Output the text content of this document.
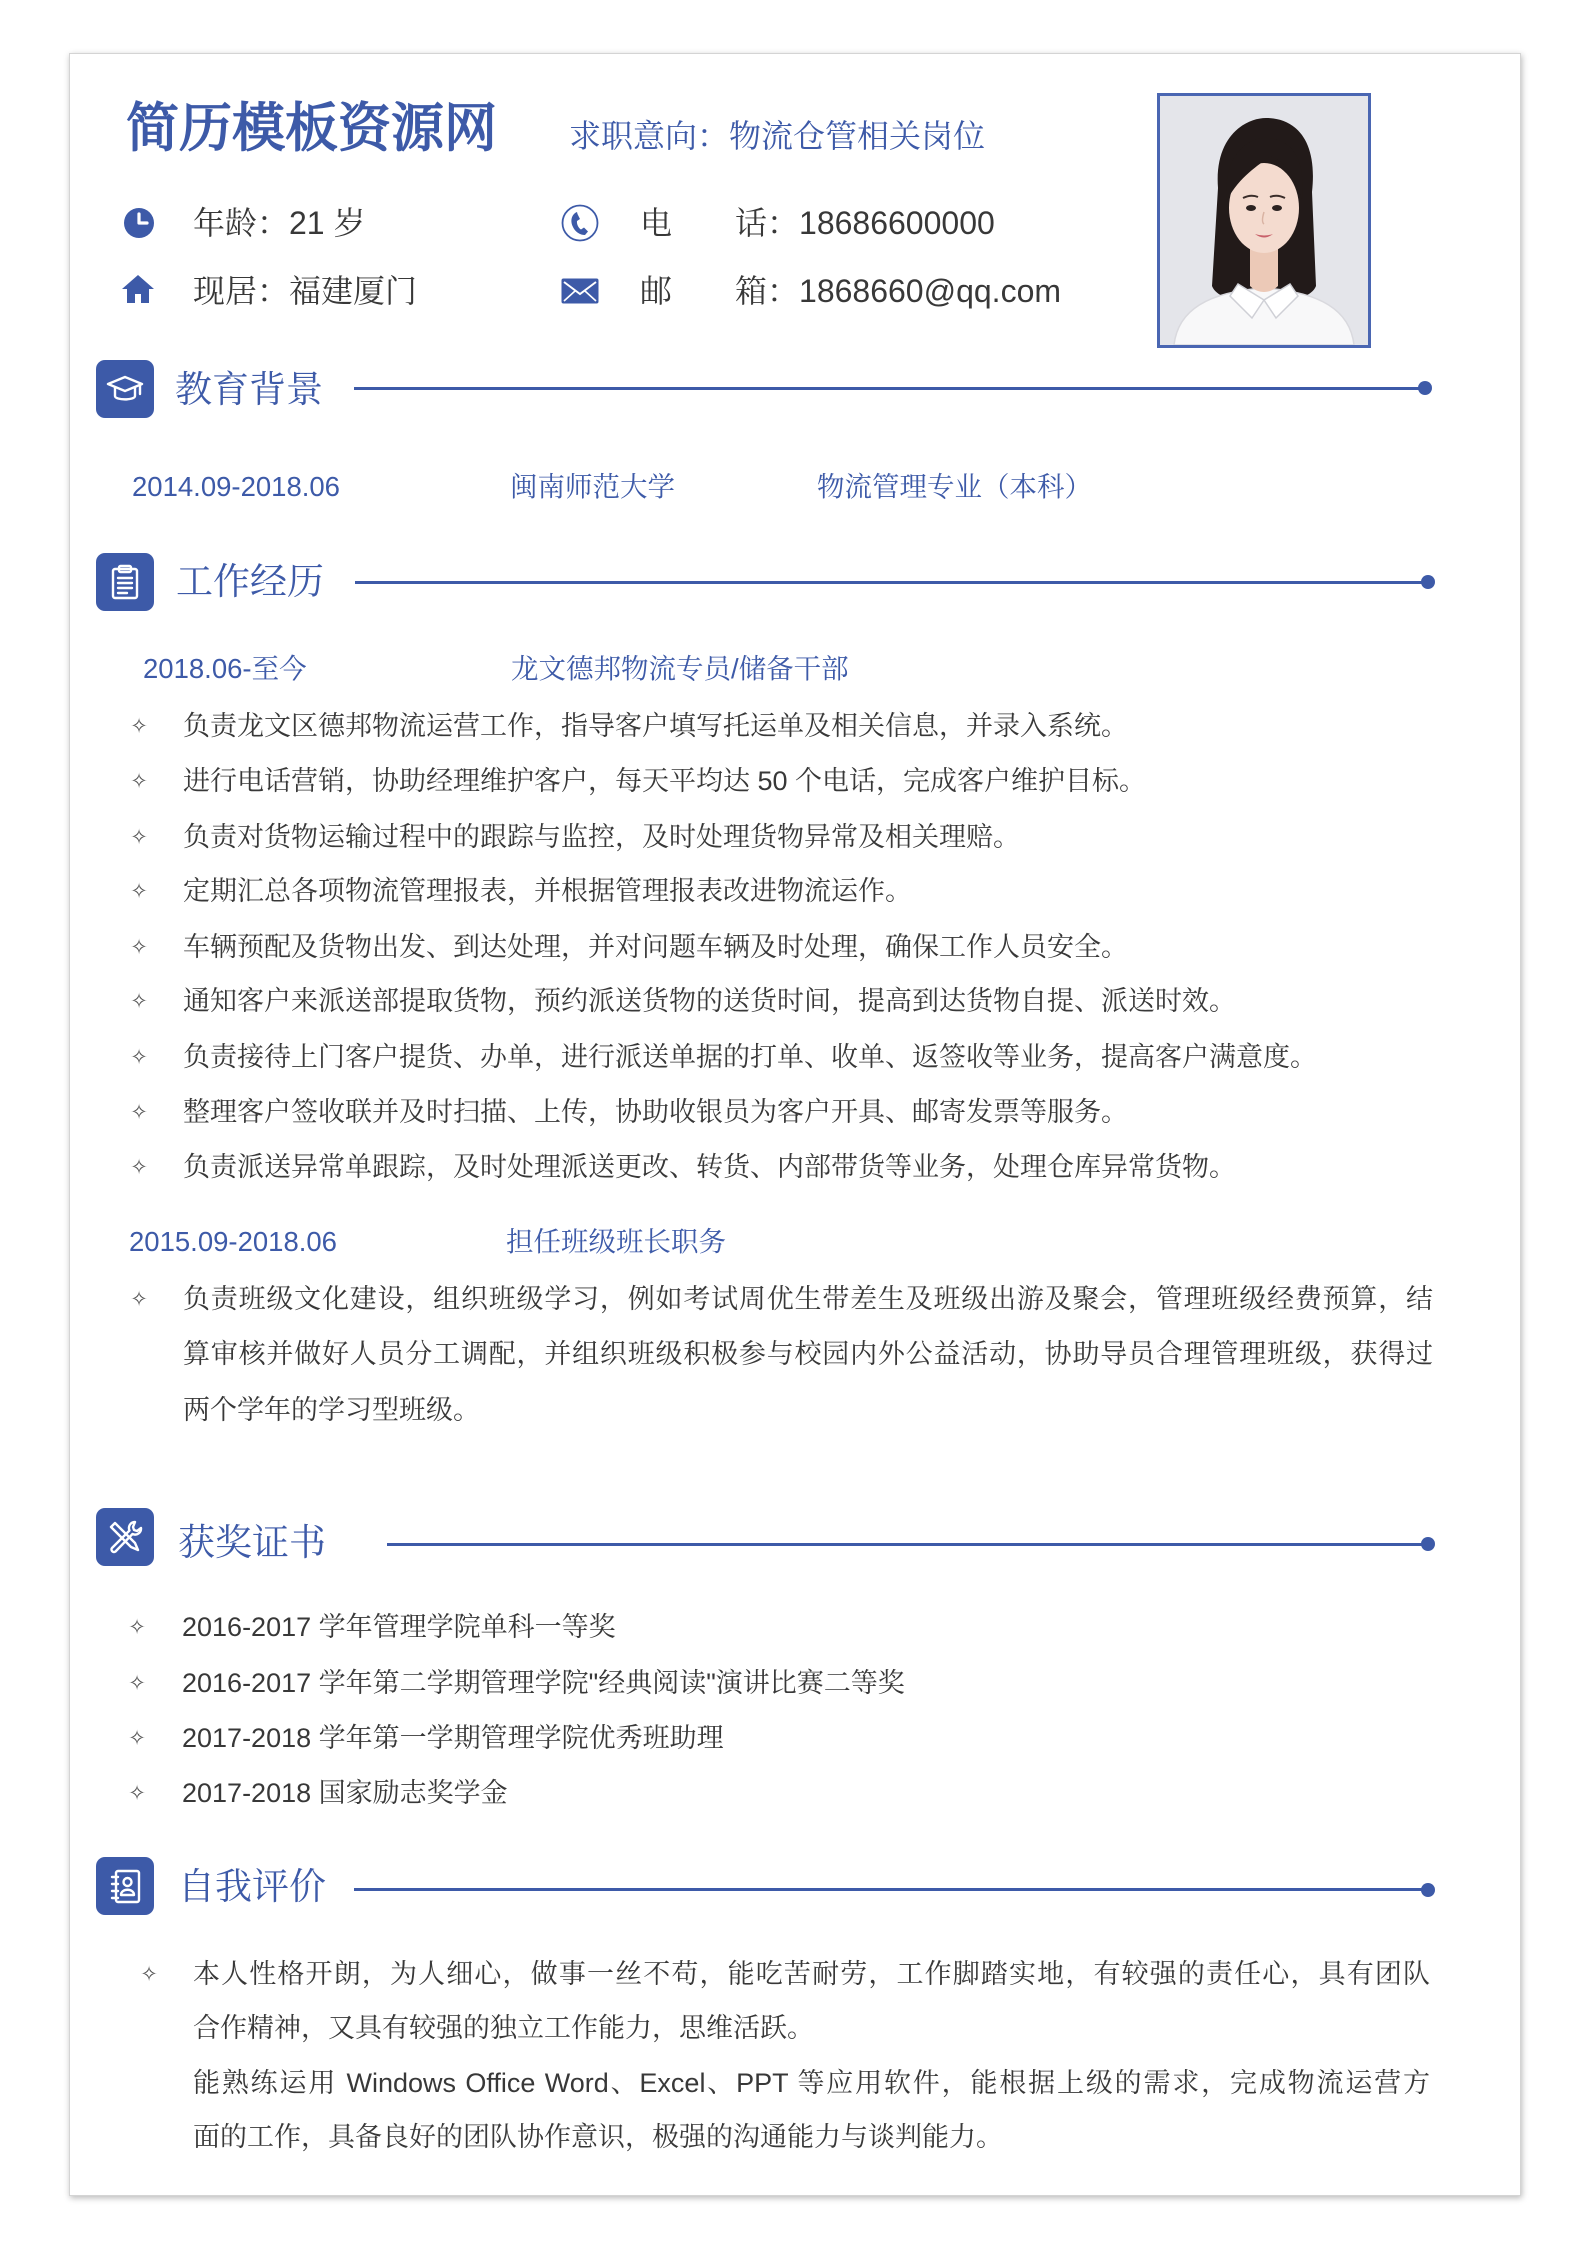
简历模板资源网 求职意向：物流仓管相关岗位
年龄：21 岁	电 话：18686600000
现居：福建厦门	邮 箱：1868660@qq.com
教育背景
2014.09-2018.06	闽南师范大学	物流管理专业（本科）
工作经历
2018.06-至今	龙文德邦物流专员/储备干部
✧ 负责龙文区德邦物流运营工作，指导客户填写托运单及相关信息，并录入系统。
✧ 进行电话营销，协助经理维护客户，每天平均达 50 个电话，完成客户维护目标。
✧ 负责对货物运输过程中的跟踪与监控，及时处理货物异常及相关理赔。
✧ 定期汇总各项物流管理报表，并根据管理报表改进物流运作。
✧ 车辆预配及货物出发、到达处理，并对问题车辆及时处理，确保工作人员安全。
✧ 通知客户来派送部提取货物，预约派送货物的送货时间，提高到达货物自提、派送时效。
✧ 负责接待上门客户提货、办单，进行派送单据的打单、收单、返签收等业务，提高客户满意度。
✧ 整理客户签收联并及时扫描、上传，协助收银员为客户开具、邮寄发票等服务。
✧ 负责派送异常单跟踪，及时处理派送更改、转货、内部带货等业务，处理仓库异常货物。
2015.09-2018.06	担任班级班长职务
✧ 负责班级文化建设，组织班级学习，例如考试周优生带差生及班级出游及聚会，管理班级经费预算，结
算审核并做好人员分工调配，并组织班级积极参与校园内外公益活动，协助导员合理管理班级，获得过
两个学年的学习型班级。
获奖证书
✧ 2016-2017 学年管理学院单科一等奖
✧ 2016-2017 学年第二学期管理学院"经典阅读"演讲比赛二等奖
✧ 2017-2018 学年第一学期管理学院优秀班助理
✧ 2017-2018 国家励志奖学金
自我评价
✧ 本人性格开朗，为人细心，做事一丝不苟，能吃苦耐劳，工作脚踏实地，有较强的责任心，具有团队
合作精神，又具有较强的独立工作能力，思维活跃。
能熟练运用 Windows Office Word、Excel、PPT 等应用软件，能根据上级的需求，完成物流运营方
面的工作，具备良好的团队协作意识，极强的沟通能力与谈判能力。
